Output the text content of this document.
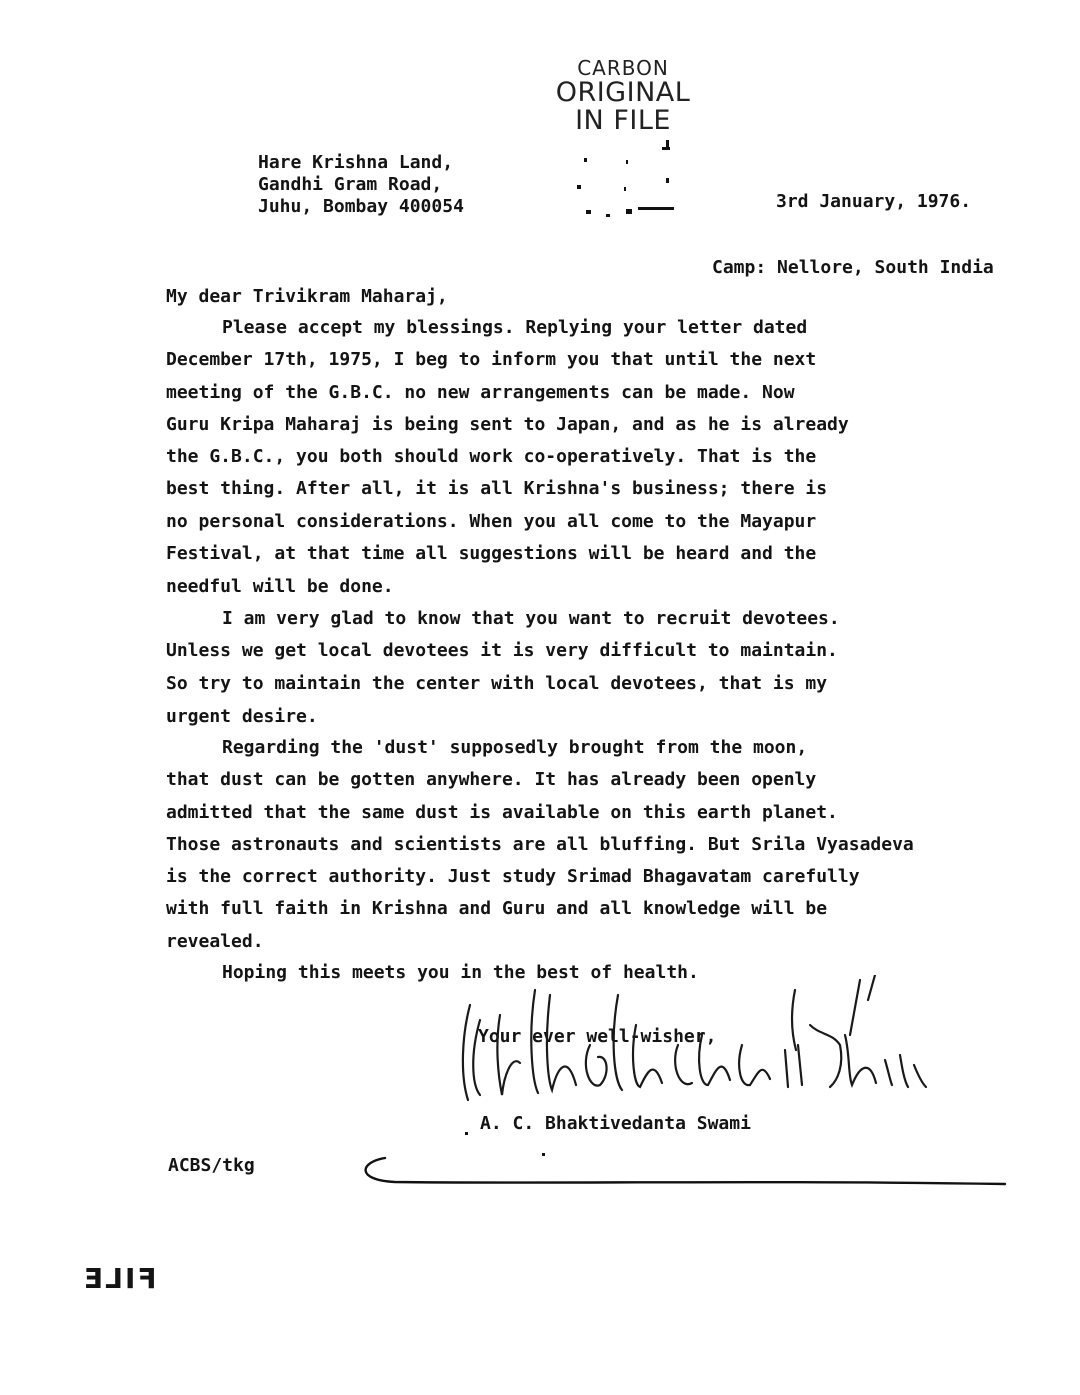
CARBON
ORIGINAL
IN FILE
Hare Krishna Land,
Gandhi Gram Road,
Juhu, Bombay 400054

	3rd January, 1976.

Camp: Nellore, South India

My dear Trivikram Maharaj,
Please accept my blessings. Replying your letter dated
December 17th, 1975, I beg to inform you that until the next
meeting of the G.B.C. no new arrangements can be made. Now
Guru Kripa Maharaj is being sent to Japan, and as he is already
the G.B.C., you both should work co-operatively. That is the
best thing. After all, it is all Krishna's business; there is
no personal considerations. When you all come to the Mayapur
Festival, at that time all suggestions will be heard and the
needful will be done.
I am very glad to know that you want to recruit devotees.
Unless we get local devotees it is very difficult to maintain.
So try to maintain the center with local devotees, that is my
urgent desire.
Regarding the 'dust' supposedly brought from the moon,
that dust can be gotten anywhere. It has already been openly
admitted that the same dust is available on this earth planet.
Those astronauts and scientists are all bluffing. But Srila Vyasadeva
is the correct authority. Just study Srimad Bhagavatam carefully
with full faith in Krishna and Guru and all knowledge will be
revealed.
Hoping this meets you in the best of health.
Your ever well-wisher,
A. C. Bhaktivedanta Swami
ACBS/tkg
FILE
